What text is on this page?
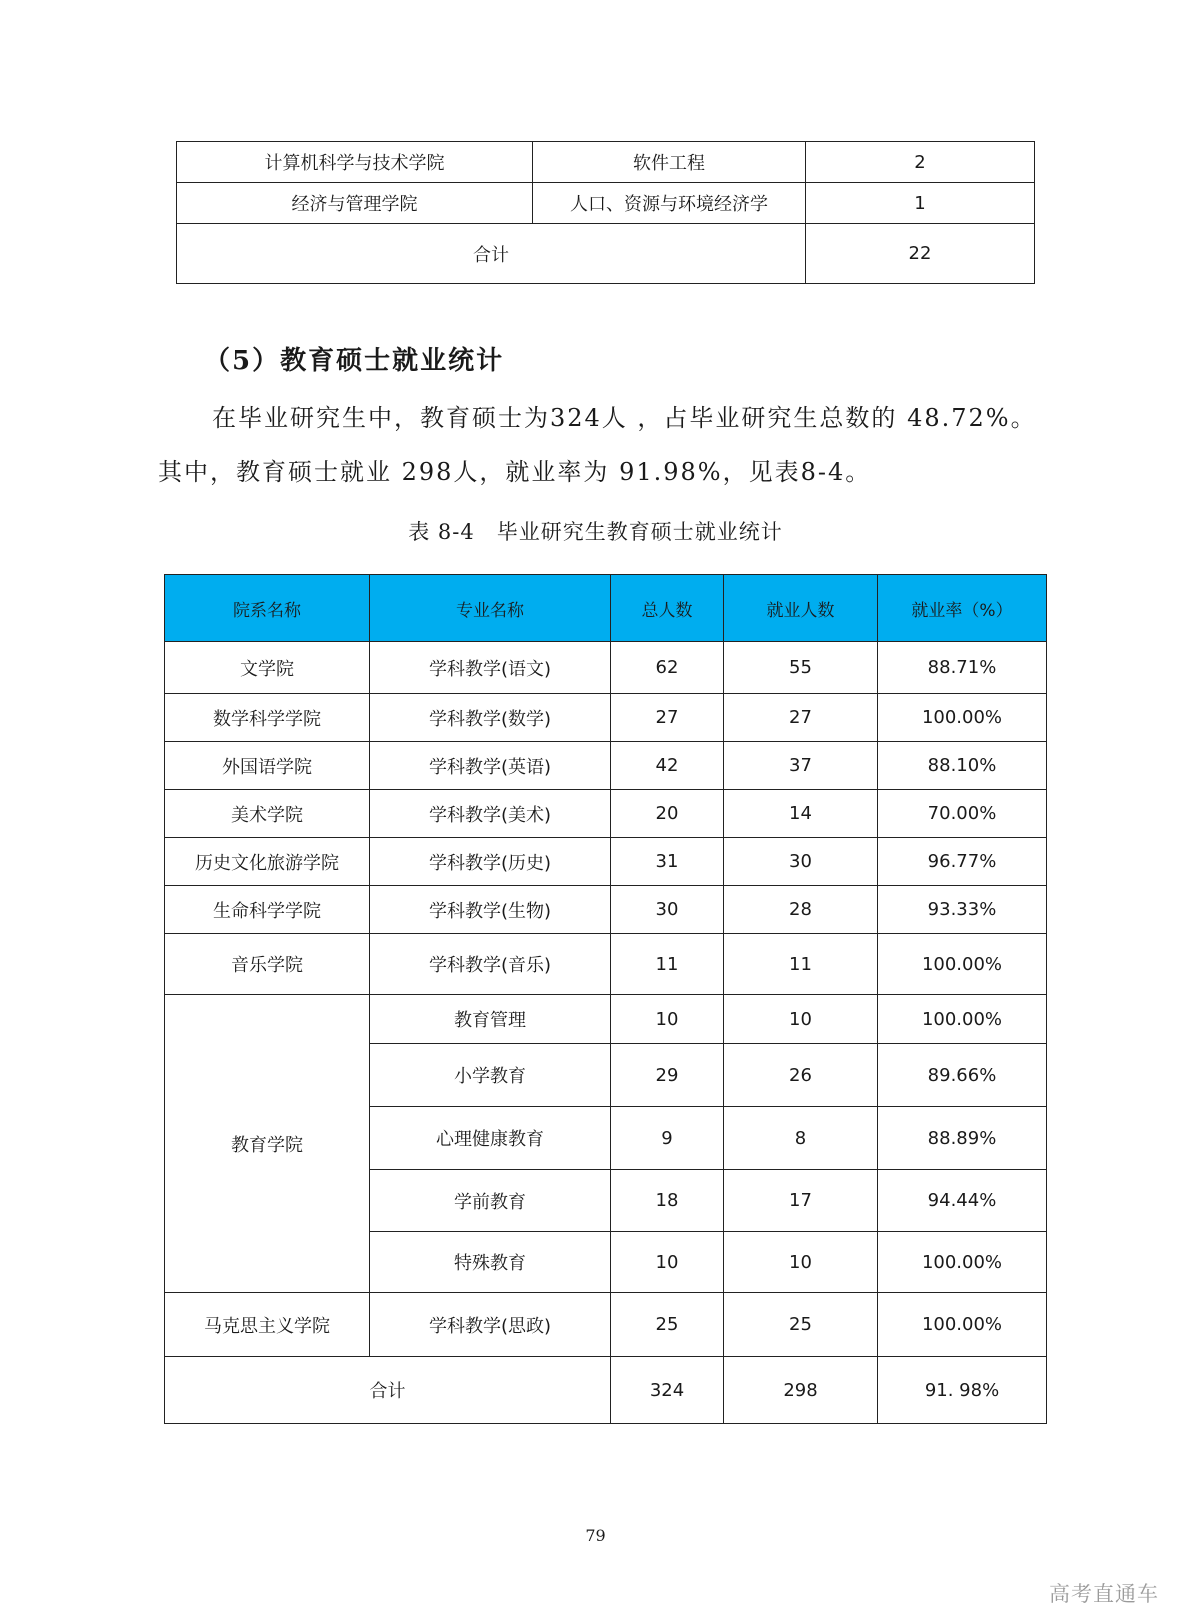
计算机科学与技术学院	软件工程	2
经济与管理学院	人口、资源与环境经济学	1
合计		22
（5）教育硕士就业统计

在毕业研究生中，教育硕士为324人 ，占毕业研究生总数的 48.72%。

其中，教育硕士就业 298人，就业率为 91.98%，见表8-4。

表 8-4　毕业研究生教育硕士就业统计

院系名称	专业名称	总人数	就业人数	就业率（%）
文学院	学科教学(语文)	62	55	88.71%
数学科学学院	学科教学(数学)	27	27	100.00%
外国语学院	学科教学(英语)	42	37	88.10%
美术学院	学科教学(美术)	20	14	70.00%
历史文化旅游学院	学科教学(历史)	31	30	96.77%
生命科学学院	学科教学(生物)	30	28	93.33%
音乐学院	学科教学(音乐)	11	11	100.00%
教育学院	教育管理	10	10	100.00%
	小学教育	29	26	89.66%
	心理健康教育	9	8	88.89%
	学前教育	18	17	94.44%
	特殊教育	10	10	100.00%
马克思主义学院	学科教学(思政)	25	25	100.00%
合计		324	298	91. 98%
79
高考直通车
